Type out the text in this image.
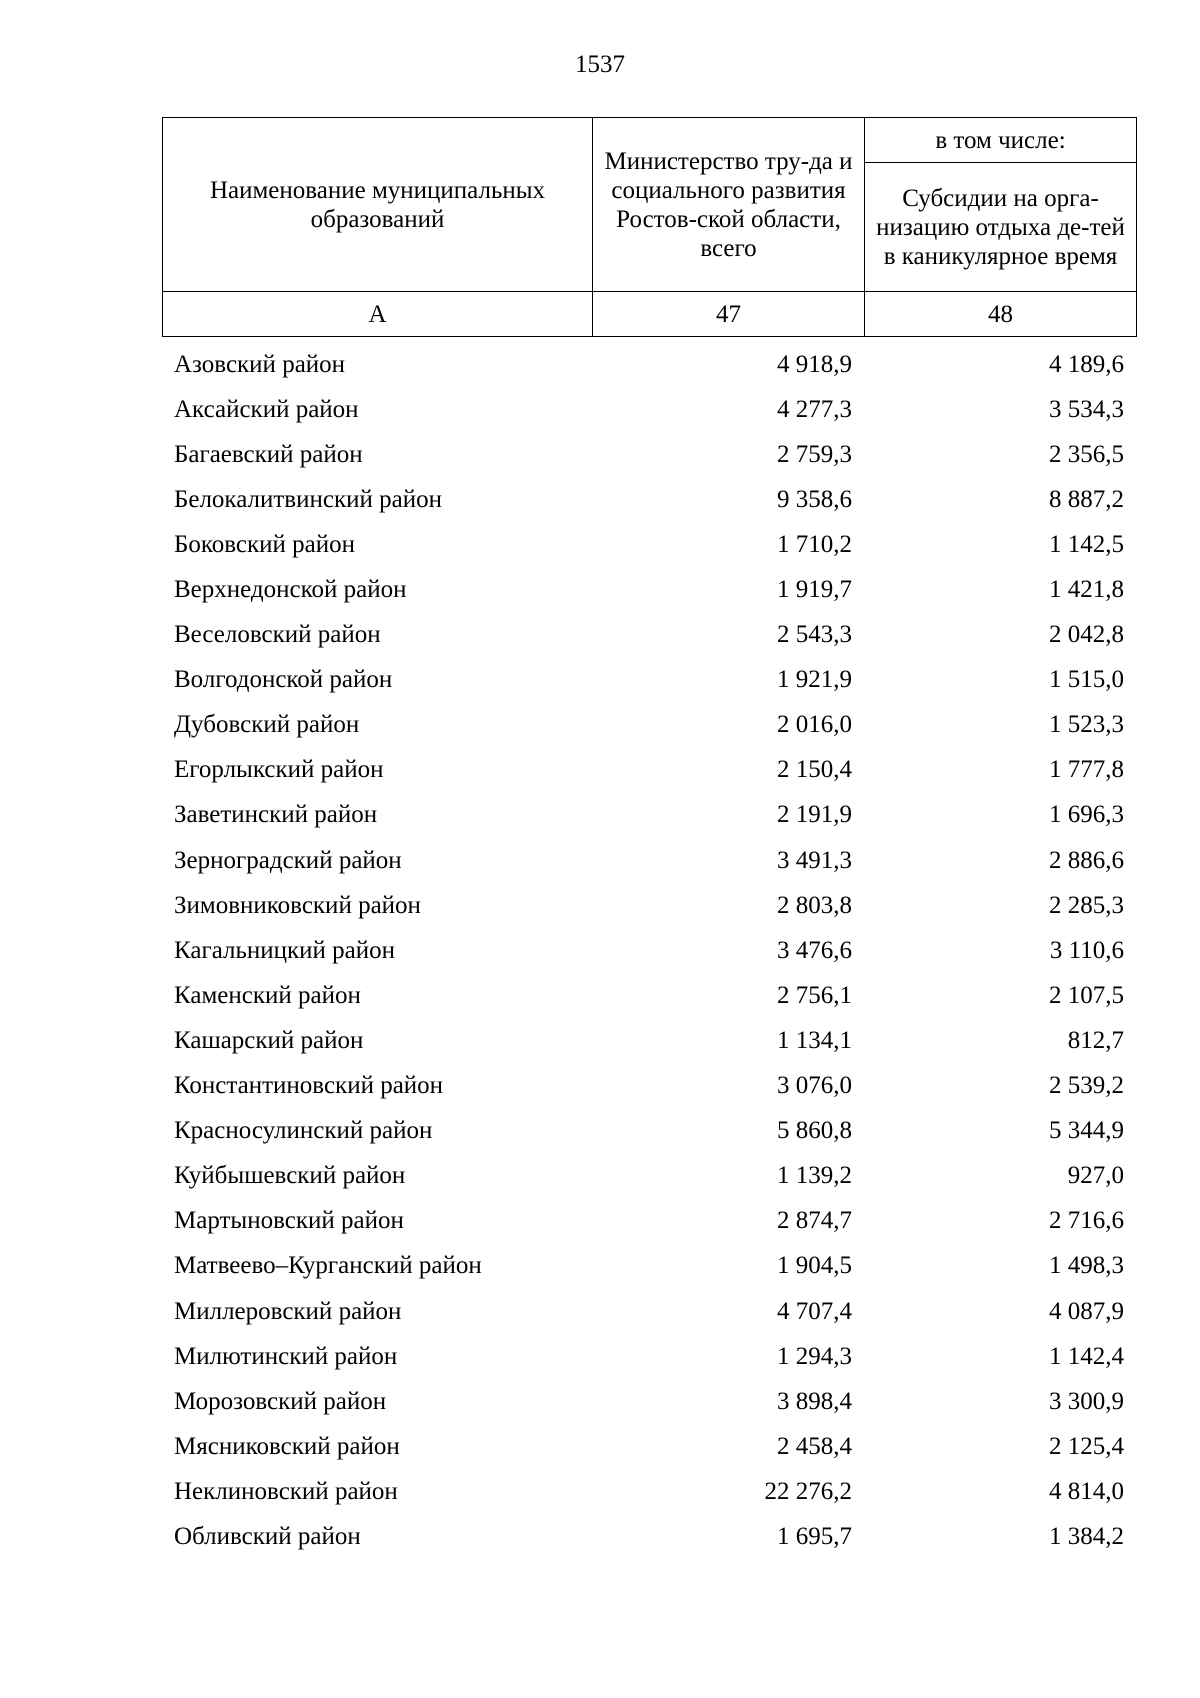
1537
Наименование муниципальных образований	Министерство тру-да и социального развития Ростов-ской области, всего	в том числе:
		Субсидии на орга-низацию отдыха де-тей в каникулярное время
А	47	48
Азовский район	4 918,9	4 189,6
Аксайский район	4 277,3	3 534,3
Багаевский район	2 759,3	2 356,5
Белокалитвинский район	9 358,6	8 887,2
Боковский район	1 710,2	1 142,5
Верхнедонской район	1 919,7	1 421,8
Веселовский район	2 543,3	2 042,8
Волгодонской район	1 921,9	1 515,0
Дубовский район	2 016,0	1 523,3
Егорлыкский район	2 150,4	1 777,8
Заветинский район	2 191,9	1 696,3
Зерноградский район	3 491,3	2 886,6
Зимовниковский район	2 803,8	2 285,3
Кагальницкий район	3 476,6	3 110,6
Каменский район	2 756,1	2 107,5
Кашарский район	1 134,1	812,7
Константиновский район	3 076,0	2 539,2
Красносулинский район	5 860,8	5 344,9
Куйбышевский район	1 139,2	927,0
Мартыновский район	2 874,7	2 716,6
Матвеево–Курганский район	1 904,5	1 498,3
Миллеровский район	4 707,4	4 087,9
Милютинский район	1 294,3	1 142,4
Морозовский район	3 898,4	3 300,9
Мясниковский район	2 458,4	2 125,4
Неклиновский район	22 276,2	4 814,0
Обливский район	1 695,7	1 384,2
